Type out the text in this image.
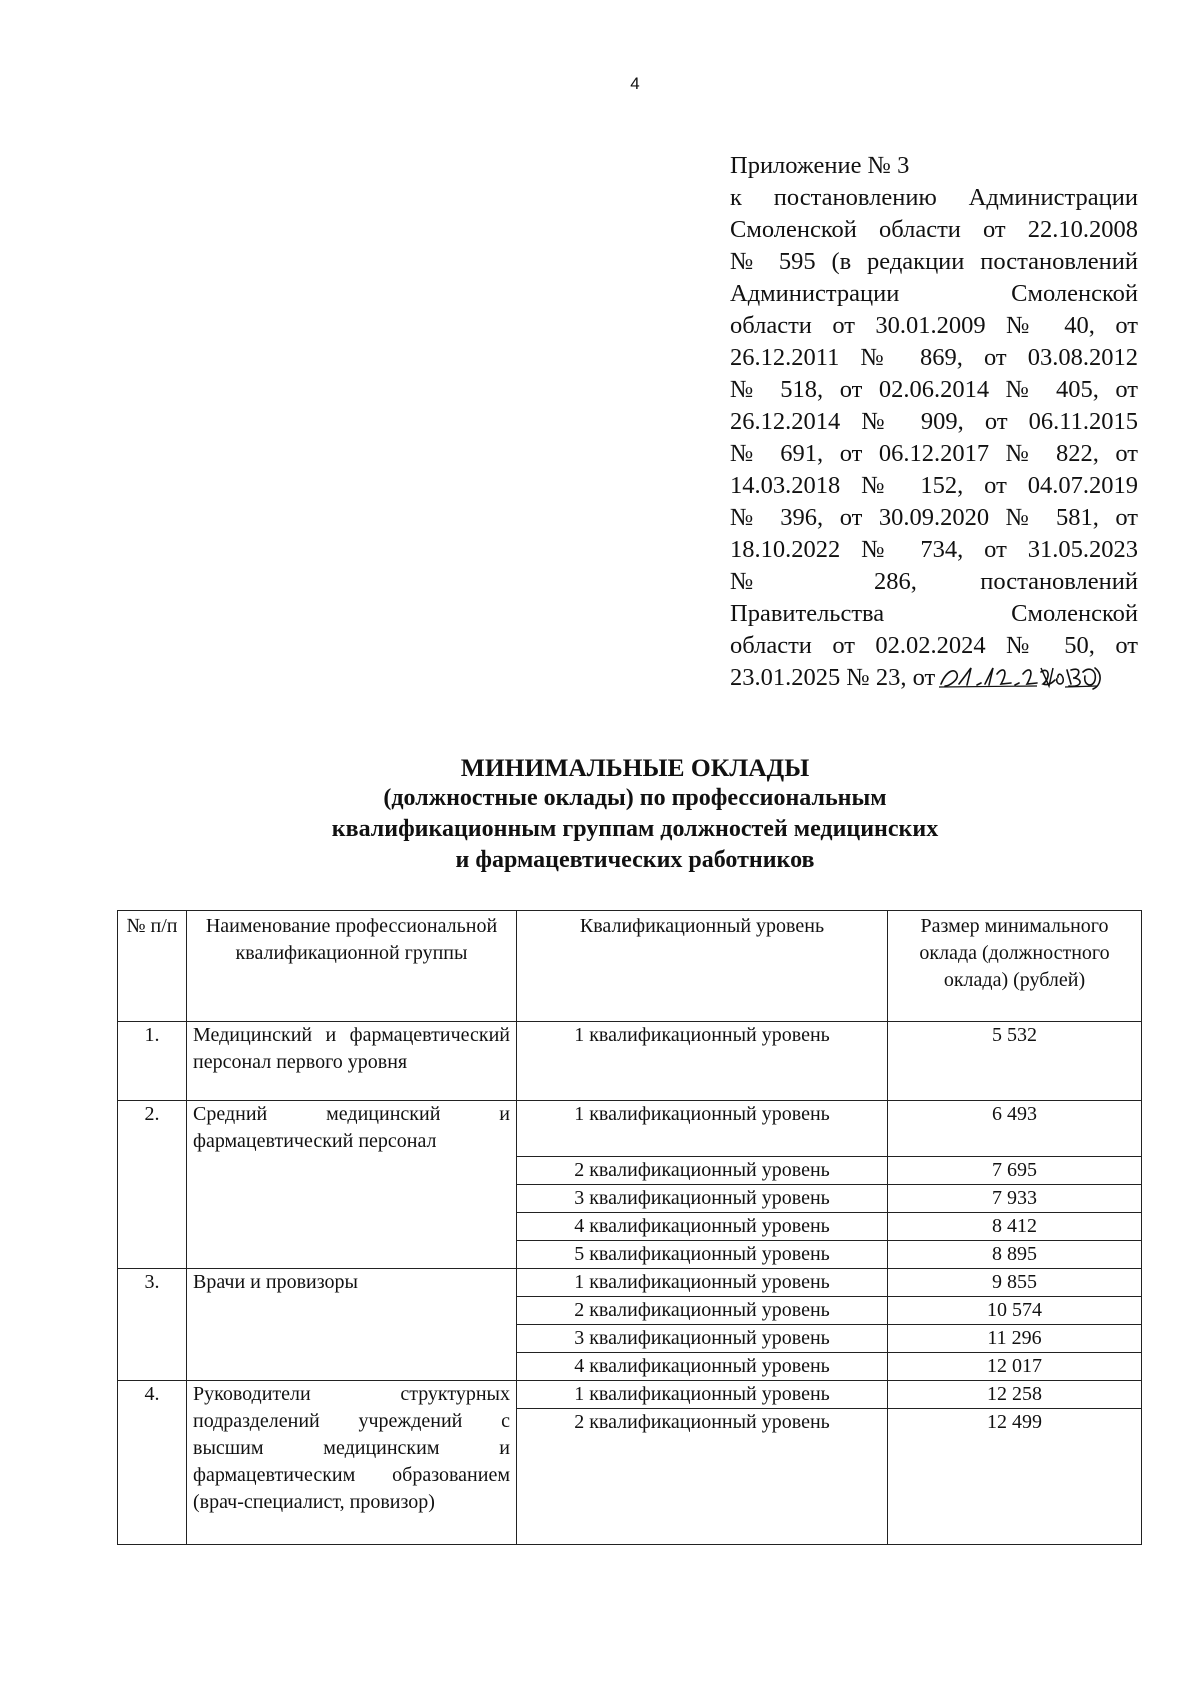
4
Приложение № 3
к постановлению Администрации
Смоленской области от 22.10.2008
№ 595 (в редакции постановлений
Администрации Смоленской
области от 30.01.2009 № 40, от
26.12.2011 № 869, от 03.08.2012
№ 518, от 02.06.2014 № 405, от
26.12.2014 № 909, от 06.11.2015
№ 691, от 06.12.2017 № 822, от
14.03.2018 № 152, от 04.07.2019
№ 396, от 30.09.2020 № 581, от
18.10.2022 № 734, от 31.05.2023
№ 286, постановлений
Правительства Смоленской
области от 02.02.2024 № 50, от
23.01.2025 № 23, от
МИНИМАЛЬНЫЕ ОКЛАДЫ
(должностные оклады) по профессиональным
квалификационным группам должностей медицинских
и фармацевтических работников
№ п/п	Наименование профессиональной квалификационной группы	Квалификационный уровень	Размер минимального оклада (должностного оклада) (рублей)
1.	Медицинский и фармацевтический персонал первого уровня	1 квалификационный уровень	5 532
2.	Средний медицинский и фармацевтический персонал	1 квалификационный уровень	6 493
		2 квалификационный уровень	7 695
		3 квалификационный уровень	7 933
		4 квалификационный уровень	8 412
		5 квалификационный уровень	8 895
3.	Врачи и провизоры	1 квалификационный уровень	9 855
		2 квалификационный уровень	10 574
		3 квалификационный уровень	11 296
		4 квалификационный уровень	12 017
4.	Руководители структурных подразделений учреждений с высшим медицинским и фармацевтическим образованием (врач-специалист, провизор)	1 квалификационный уровень	12 258
		2 квалификационный уровень	12 499
